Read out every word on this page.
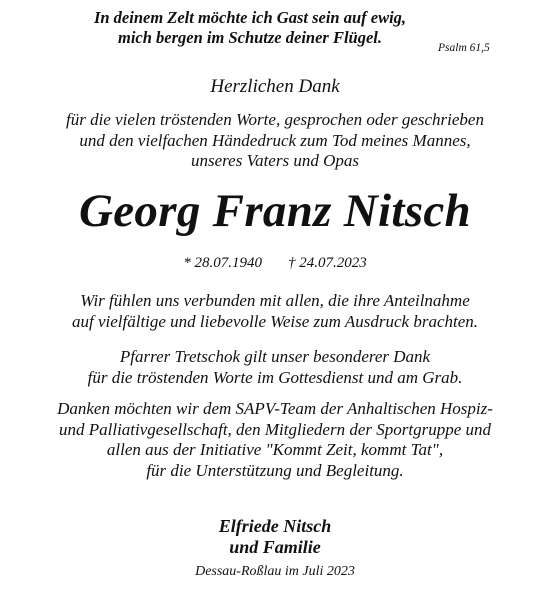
In deinem Zelt möchte ich Gast sein auf ewig,
mich bergen im Schutze deiner Flügel.
Psalm 61,5
Herzlichen Dank
für die vielen tröstenden Worte, gesprochen oder geschrieben
und den vielfachen Händedruck zum Tod meines Mannes,
unseres Vaters und Opas
Georg Franz Nitsch
* 28.07.1940 † 24.07.2023
Wir fühlen uns verbunden mit allen, die ihre Anteilnahme
auf vielfältige und liebevolle Weise zum Ausdruck brachten.
Pfarrer Tretschok gilt unser besonderer Dank
für die tröstenden Worte im Gottesdienst und am Grab.
Danken möchten wir dem SAPV-Team der Anhaltischen Hospiz-
und Palliativgesellschaft, den Mitgliedern der Sportgruppe und
allen aus der Initiative "Kommt Zeit, kommt Tat",
für die Unterstützung und Begleitung.
Elfriede Nitsch
und Familie
Dessau-Roßlau im Juli 2023
